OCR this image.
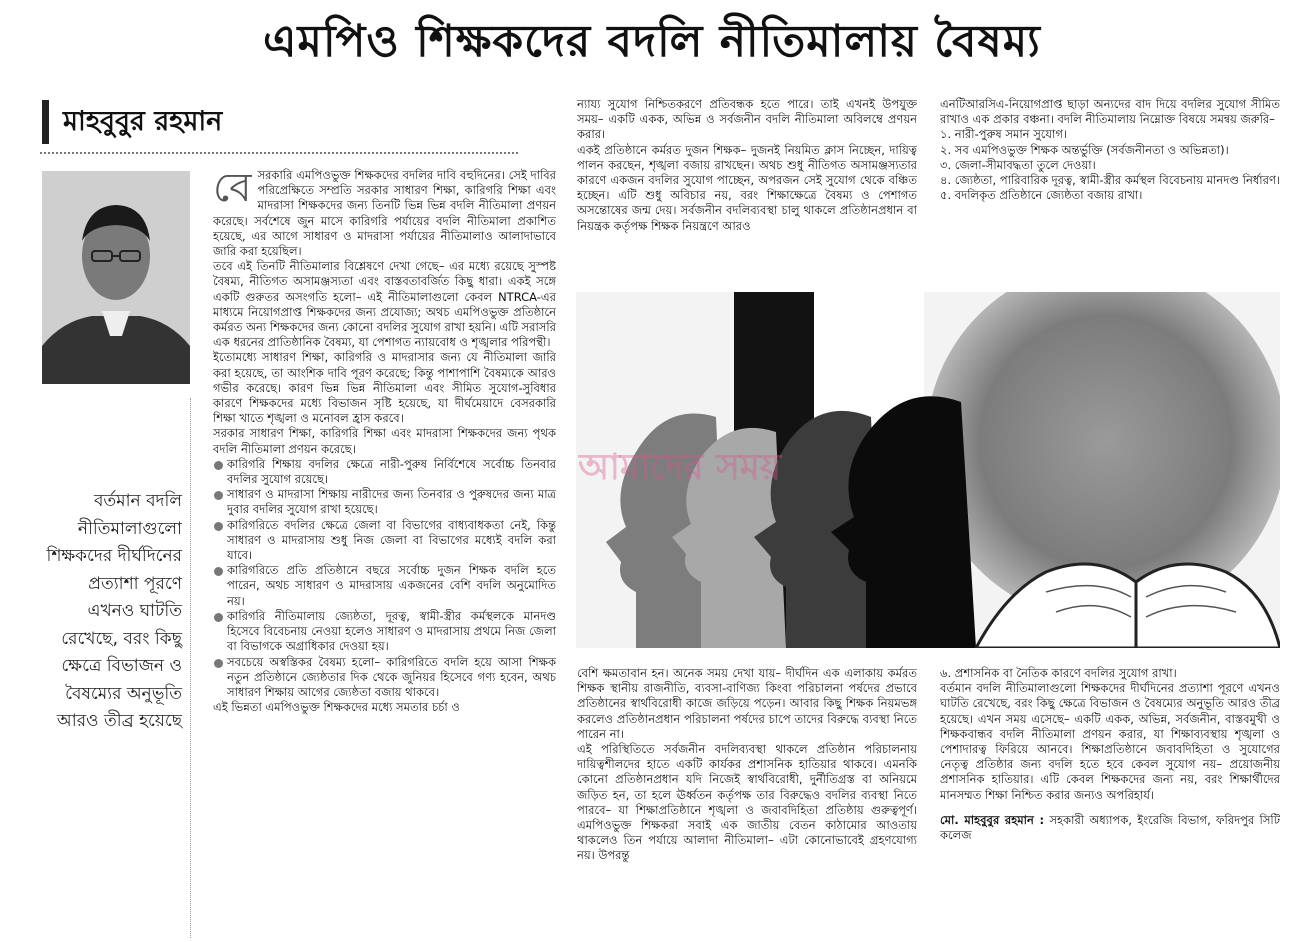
এমপিও শিক্ষকদের বদলি নীতিমালায় বৈষম্য
মাহবুবুর রহমান
বর্তমান বদলি নীতিমালাগুলো শিক্ষকদের দীর্ঘদিনের প্রত্যাশা পূরণে এখনও ঘাটতি রেখেছে, বরং কিছু ক্ষেত্রে বিভাজন ও বৈষম্যের অনুভূতি আরও তীব্র হয়েছে

বেসরকারি এমপিওভুক্ত শিক্ষকদের বদলির দাবি বহুদিনের। সেই দাবির পরিপ্রেক্ষিতে সম্প্রতি সরকার সাধারণ শিক্ষা, কারিগরি শিক্ষা এবং মাদরাসা শিক্ষকদের জন্য তিনটি ভিন্ন ভিন্ন বদলি নীতিমালা প্রণয়ন করেছে। সর্বশেষে জুন মাসে কারিগরি পর্যায়ের বদলি নীতিমালা প্রকাশিত হয়েছে, এর আগে সাধারণ ও মাদরাসা পর্যায়ের নীতিমালাও আলাদাভাবে জারি করা হয়েছিল।

তবে এই তিনটি নীতিমালার বিশ্লেষণে দেখা গেছে– এর মধ্যে রয়েছে সুস্পষ্ট বৈষম্য, নীতিগত অসামঞ্জস্যতা এবং বাস্তবতাবর্জিত কিছু ধারা। একই সঙ্গে একটি গুরুতর অসংগতি হলো– এই নীতিমালাগুলো কেবল NTRCA-এর মাধ্যমে নিয়োগপ্রাপ্ত শিক্ষকদের জন্য প্রযোজ্য; অথচ এমপিওভুক্ত প্রতিষ্ঠানে কর্মরত অন্য শিক্ষকদের জন্য কোনো বদলির সুযোগ রাখা হয়নি। এটি সরাসরি এক ধরনের প্রাতিষ্ঠানিক বৈষম্য, যা পেশাগত ন্যায়বোধ ও শৃঙ্খলার পরিপন্থী।

ইতোমধ্যে সাধারণ শিক্ষা, কারিগরি ও মাদরাসার জন্য যে নীতিমালা জারি করা হয়েছে, তা আংশিক দাবি পূরণ করেছে; কিন্তু পাশাপাশি বৈষম্যকে আরও গভীর করেছে। কারণ ভিন্ন ভিন্ন নীতিমালা এবং সীমিত সুযোগ-সুবিধার কারণে শিক্ষকদের মধ্যে বিভাজন সৃষ্টি হয়েছে, যা দীর্ঘমেয়াদে বেসরকারি শিক্ষা খাতে শৃঙ্খলা ও মনোবল হ্রাস করবে।

সরকার সাধারণ শিক্ষা, কারিগরি শিক্ষা এবং মাদরাসা শিক্ষকদের জন্য পৃথক বদলি নীতিমালা প্রণয়ন করেছে।

কারিগরি শিক্ষায় বদলির ক্ষেত্রে নারী-পুরুষ নির্বিশেষে সর্বোচ্চ তিনবার বদলির সুযোগ রয়েছে।

সাধারণ ও মাদরাসা শিক্ষায় নারীদের জন্য তিনবার ও পুরুষদের জন্য মাত্র দুবার বদলির সুযোগ রাখা হয়েছে।

কারিগরিতে বদলির ক্ষেত্রে জেলা বা বিভাগের বাধ্যবাধকতা নেই, কিন্তু সাধারণ ও মাদরাসায় শুধু নিজ জেলা বা বিভাগের মধ্যেই বদলি করা যাবে।

কারিগরিতে প্রতি প্রতিষ্ঠানে বছরে সর্বোচ্চ দুজন শিক্ষক বদলি হতে পারেন, অথচ সাধারণ ও মাদরাসায় একজনের বেশি বদলি অনুমোদিত নয়।

কারিগরি নীতিমালায় জ্যেষ্ঠতা, দূরত্ব, স্বামী-স্ত্রীর কর্মস্থলকে মানদণ্ড হিসেবে বিবেচনায় নেওয়া হলেও সাধারণ ও মাদরাসায় প্রথমে নিজ জেলা বা বিভাগকে অগ্রাধিকার দেওয়া হয়।

সবচেয়ে অস্বস্তিকর বৈষম্য হলো– কারিগরিতে বদলি হয়ে আসা শিক্ষক নতুন প্রতিষ্ঠানে জ্যেষ্ঠতার দিক থেকে জুনিয়র হিসেবে গণ্য হবেন, অথচ সাধারণ শিক্ষায় আগের জ্যেষ্ঠতা বজায় থাকবে।

এই ভিন্নতা এমপিওভুক্ত শিক্ষকদের মধ্যে সমতার চর্চা ও

ন্যায্য সুযোগ নিশ্চিতকরণে প্রতিবন্ধক হতে পারে। তাই এখনই উপযুক্ত সময়– একটি একক, অভিন্ন ও সর্বজনীন বদলি নীতিমালা অবিলম্বে প্রণয়ন করার।

একই প্রতিষ্ঠানে কর্মরত দুজন শিক্ষক– দুজনই নিয়মিত ক্লাস নিচ্ছেন, দায়িত্ব পালন করছেন, শৃঙ্খলা বজায় রাখছেন। অথচ শুধু নীতিগত অসামঞ্জস্যতার কারণে একজন বদলির সুযোগ পাচ্ছেন, অপরজন সেই সুযোগ থেকে বঞ্চিত হচ্ছেন। এটি শুধু অবিচার নয়, বরং শিক্ষাক্ষেত্রে বৈষম্য ও পেশাগত অসন্তোষের জন্ম দেয়। সর্বজনীন বদলিব্যবস্থা চালু থাকলে প্রতিষ্ঠানপ্রধান বা নিয়ন্ত্রক কর্তৃপক্ষ শিক্ষক নিয়ন্ত্রণে আরও

এনটিআরসিএ-নিয়োগপ্রাপ্ত ছাড়া অন্যদের বাদ দিয়ে বদলির সুযোগ সীমিত রাখাও এক প্রকার বঞ্চনা। বদলি নীতিমালায় নিম্নোক্ত বিষয়ে সমন্বয় জরুরি–

১. নারী-পুরুষ সমান সুযোগ।

২. সব এমপিওভুক্ত শিক্ষক অন্তর্ভুক্তি (সর্বজনীনতা ও অভিন্নতা)।

৩. জেলা-সীমাবদ্ধতা তুলে দেওয়া।

৪. জ্যেষ্ঠতা, পারিবারিক দূরত্ব, স্বামী-স্ত্রীর কর্মস্থল বিবেচনায় মানদণ্ড নির্ধারণ।

৫. বদলিকৃত প্রতিষ্ঠানে জ্যেষ্ঠতা বজায় রাখা।

আমাদের সময়

বেশি ক্ষমতাবান হন। অনেক সময় দেখা যায়– দীর্ঘদিন এক এলাকায় কর্মরত শিক্ষক স্থানীয় রাজনীতি, ব্যবসা-বাণিজ্য কিংবা পরিচালনা পর্ষদের প্রভাবে প্রতিষ্ঠানের স্বার্থবিরোধী কাজে জড়িয়ে পড়েন। আবার কিছু শিক্ষক নিয়মভঙ্গ করলেও প্রতিষ্ঠানপ্রধান পরিচালনা পর্ষদের চাপে তাদের বিরুদ্ধে ব্যবস্থা নিতে পারেন না।

এই পরিস্থিতিতে সর্বজনীন বদলিব্যবস্থা থাকলে প্রতিষ্ঠান পরিচালনায় দায়িত্বশীলদের হাতে একটি কার্যকর প্রশাসনিক হাতিয়ার থাকবে। এমনকি কোনো প্রতিষ্ঠানপ্রধান যদি নিজেই স্বার্থবিরোধী, দুর্নীতিগ্রস্ত বা অনিয়মে জড়িত হন, তা হলে ঊর্ধ্বতন কর্তৃপক্ষ তার বিরুদ্ধেও বদলির ব্যবস্থা নিতে পারবে– যা শিক্ষাপ্রতিষ্ঠানে শৃঙ্খলা ও জবাবদিহিতা প্রতিষ্ঠায় গুরুত্বপূর্ণ। এমপিওভুক্ত শিক্ষকরা সবাই এক জাতীয় বেতন কাঠামোর আওতায় থাকলেও তিন পর্যায়ে আলাদা নীতিমালা– এটা কোনোভাবেই গ্রহণযোগ্য নয়। উপরন্তু

৬. প্রশাসনিক বা নৈতিক কারণে বদলির সুযোগ রাখা।

বর্তমান বদলি নীতিমালাগুলো শিক্ষকদের দীর্ঘদিনের প্রত্যাশা পূরণে এখনও ঘাটতি রেখেছে, বরং কিছু ক্ষেত্রে বিভাজন ও বৈষম্যের অনুভূতি আরও তীব্র হয়েছে। এখন সময় এসেছে– একটি একক, অভিন্ন, সর্বজনীন, বাস্তবমুখী ও শিক্ষকবান্ধব বদলি নীতিমালা প্রণয়ন করার, যা শিক্ষাব্যবস্থায় শৃঙ্খলা ও পেশাদারত্ব ফিরিয়ে আনবে। শিক্ষাপ্রতিষ্ঠানে জবাবদিহিতা ও সুযোগের নেতৃত্ব প্রতিষ্ঠার জন্য বদলি হতে হবে কেবল সুযোগ নয়– প্রয়োজনীয় প্রশাসনিক হাতিয়ার। এটি কেবল শিক্ষকদের জন্য নয়, বরং শিক্ষার্থীদের মানসম্মত শিক্ষা নিশ্চিত করার জন্যও অপরিহার্য।

মো. মাহবুবুর রহমান : সহকারী অধ্যাপক, ইংরেজি বিভাগ, ফরিদপুর সিটি কলেজ
